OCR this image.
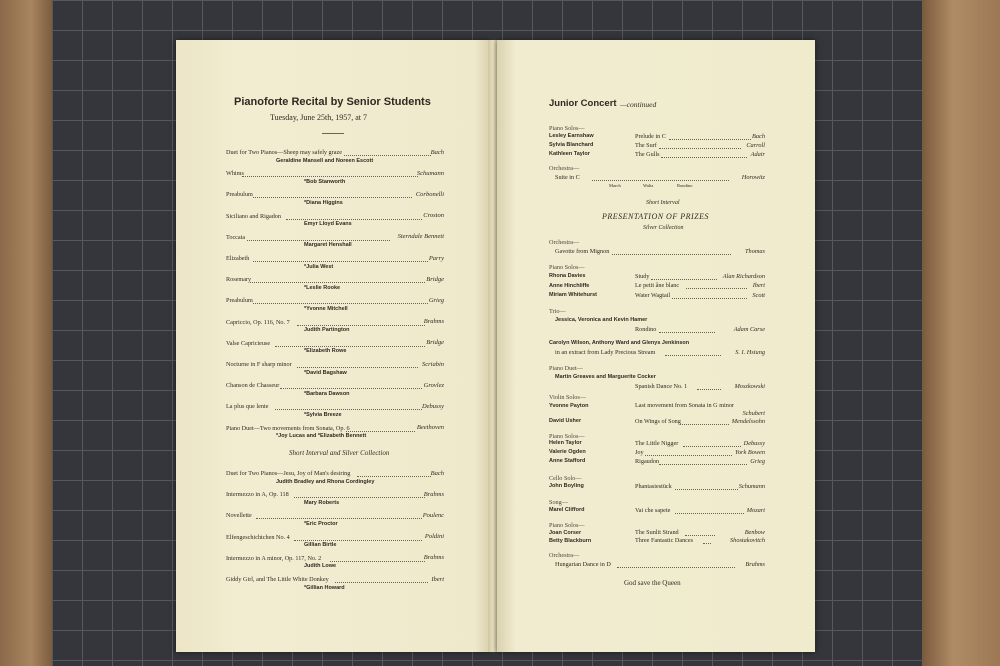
Pianoforte Recital by Senior Students
Tuesday, June 25th, 1957, at 7
Duet for Two Pianos—Sheep may safely graze	Bach
Geraldine Mansell and Noreen Escott
Whims	Schumann
*Bob Stanworth
Preabulum	Corbonelli
*Diana Higgins
Siciliano and Rigadon	Croston
Emyr Lloyd Evans
Toccata	Sterndale Bennett
Margaret Henshall
Elizabeth	Parry
*Julia West
Rosemary	Bridge
*Leslie Rooke
Preabulum	Grieg
*Yvonne Mitchell
Capriccio, Op. 116, No. 7	Brahms
Judith Partington
Valse Capricieuse	Bridge
*Elizabeth Rowe
Nocturne in F sharp minor	Scriabin
*David Bagshaw
Chanson de Chasseur	Grovlez
*Barbara Dawson
La plus que lente	Debussy
*Sylvia Breeze
Piano Duet—Two movements from Sonata, Op. 6	Beethoven
*Joy Lucas and *Elizabeth Bennett
Short Interval and Silver Collection
Duet for Two Pianos—Jesu, Joy of Man's desiring	Bach
Judith Bradley and Rhona Cordingley
Intermezzo in A, Op. 118	Brahms
Mary Roberts
Novellette	Poulenc
*Eric Proctor
Elfengeschichtchen No. 4	Poldini
Gillian Birtle
Intermezzo in A minor, Op. 117, No. 2	Brahms
Judith Lowe
Giddy Girl, and The Little White Donkey	Ibert
*Gillian Howard
Junior Concert —continued
Piano Solos—
Lesley Earnshaw	Prelude in C	Bach
Sylvia Blanchard	The Surf	Carroll
Kathleen Taylor	The Gulls	Adair
Orchestra—
Suite in C	Horowitz
March	Waltz	Rondino
Short Interval
PRESENTATION OF PRIZES
Silver Collection
Orchestra—
Gavotte from Mignon	Thomas
Piano Solos—
Rhona Davies	Study	Alan Richardson
Anne Hinchliffe	Le petit âne blanc	Ibert
Miriam Whitehurst	Water Wagtail	Scott
Trio—
Jessica, Veronica and Kevin Hamer
Rondino	Adam Carse
Carolyn Wilson, Anthony Ward and Glenys Jenkinson
in an extract from Lady Precious Stream	S. I. Hsiung
Piano Duet—
Martin Greaves and Marguerite Cocker
Spanish Dance No. 1	Moszkowski
Violin Solos—
Yvonne Payton	Last movement from Sonata in G minor
Schubert
David Usher	On Wings of Song	Mendelssohn
Piano Solos—
Helen Taylor	The Little Nigger	Debussy
Valerie Ogden	Joy	York Bowen
Anne Stafford	Rigaudon	Grieg
Cello Solo—
John Boyling	Phantasiestück	Schumann
Song—
Marel Clifford	Vai che sapete	Mozart
Piano Solos—
Joan Corser	The Sunlit Strand	Benbow
Betty Blackburn	Three Fantastic Dances	Shostakovitch
Orchestra—
Hungarian Dance in D	Brahms
God save the Queen
